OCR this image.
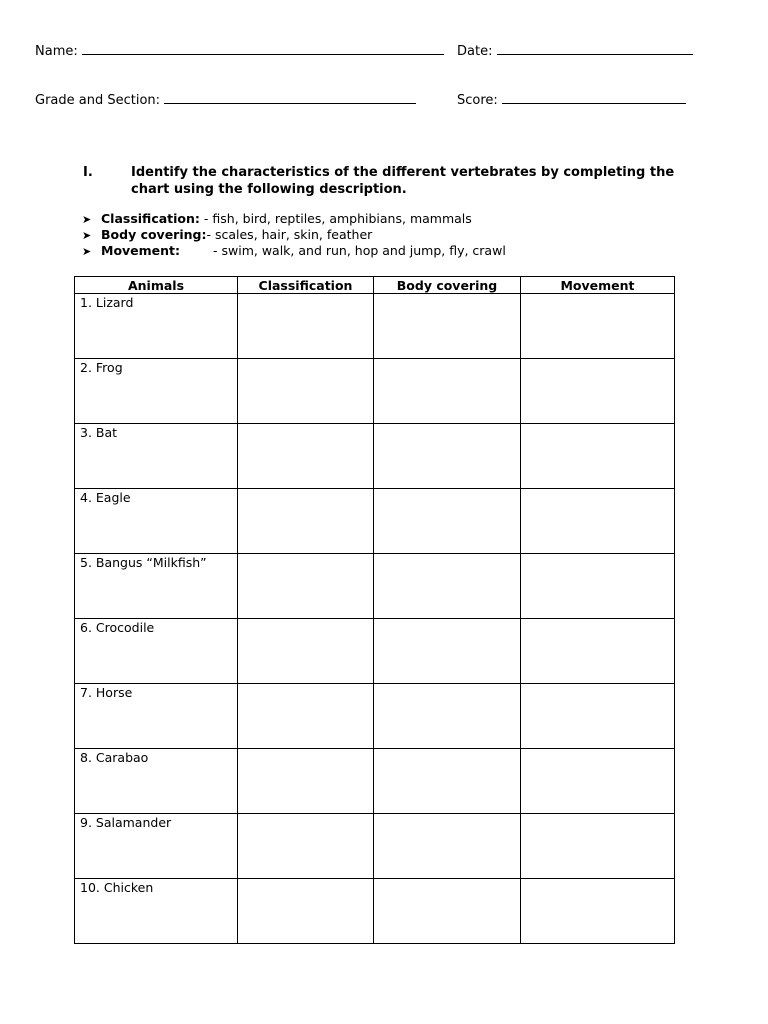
Name:	Date:
Grade and Section:	Score:
I.	Identify the characteristics of the different vertebrates by completing the chart using the following description.
➤ Classification: - fish, bird, reptiles, amphibians, mammals
➤ Body covering:- scales, hair, skin, feather
➤ Movement:	- swim, walk, and run, hop and jump, fly, crawl
Animals	Classification	Body covering	Movement
1. Lizard			
2. Frog			
3. Bat			
4. Eagle			
5. Bangus “Milkfish”			
6. Crocodile			
7. Horse			
8. Carabao			
9. Salamander			
10. Chicken			
